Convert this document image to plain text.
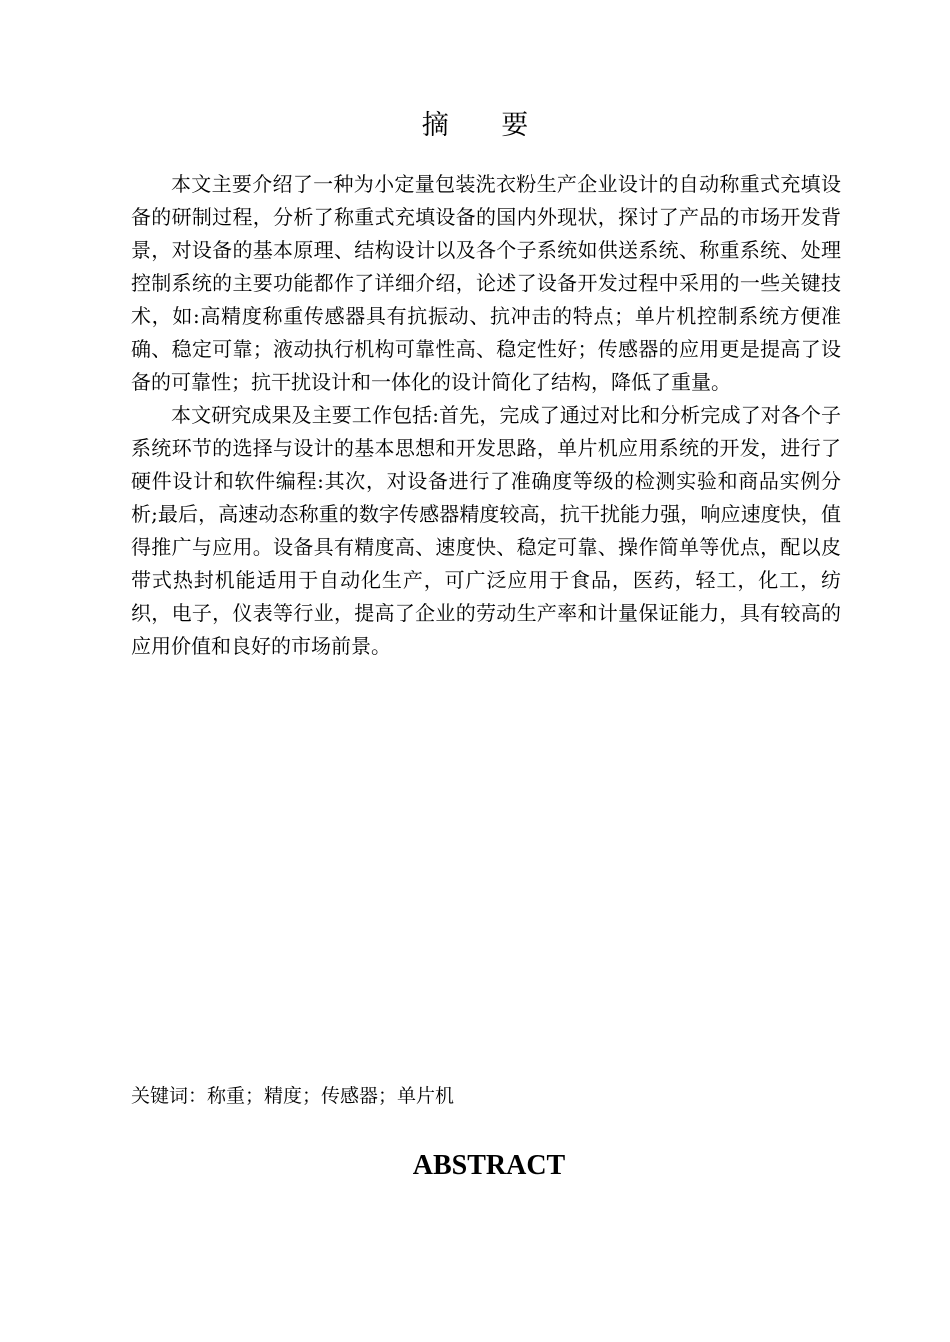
摘 要

本文主要介绍了一种为小定量包装洗衣粉生产企业设计的自动称重式充填设备的研制过程，分析了称重式充填设备的国内外现状，探讨了产品的市场开发背景，对设备的基本原理、结构设计以及各个子系统如供送系统、称重系统、处理控制系统的主要功能都作了详细介绍，论述了设备开发过程中采用的一些关键技术，如:高精度称重传感器具有抗振动、抗冲击的特点；单片机控制系统方便准确、稳定可靠；液动执行机构可靠性高、稳定性好；传感器的应用更是提高了设备的可靠性；抗干扰设计和一体化的设计简化了结构，降低了重量。

本文研究成果及主要工作包括:首先，完成了通过对比和分析完成了对各个子系统环节的选择与设计的基本思想和开发思路，单片机应用系统的开发，进行了硬件设计和软件编程:其次，对设备进行了准确度等级的检测实验和商品实例分析;最后，高速动态称重的数字传感器精度较高，抗干扰能力强，响应速度快，值得推广与应用。设备具有精度高、速度快、稳定可靠、操作简单等优点，配以皮带式热封机能适用于自动化生产，可广泛应用于食品，医药，轻工，化工，纺织，电子，仪表等行业，提高了企业的劳动生产率和计量保证能力，具有较高的应用价值和良好的市场前景。

关键词：称重；精度；传感器；单片机
ABSTRACT
